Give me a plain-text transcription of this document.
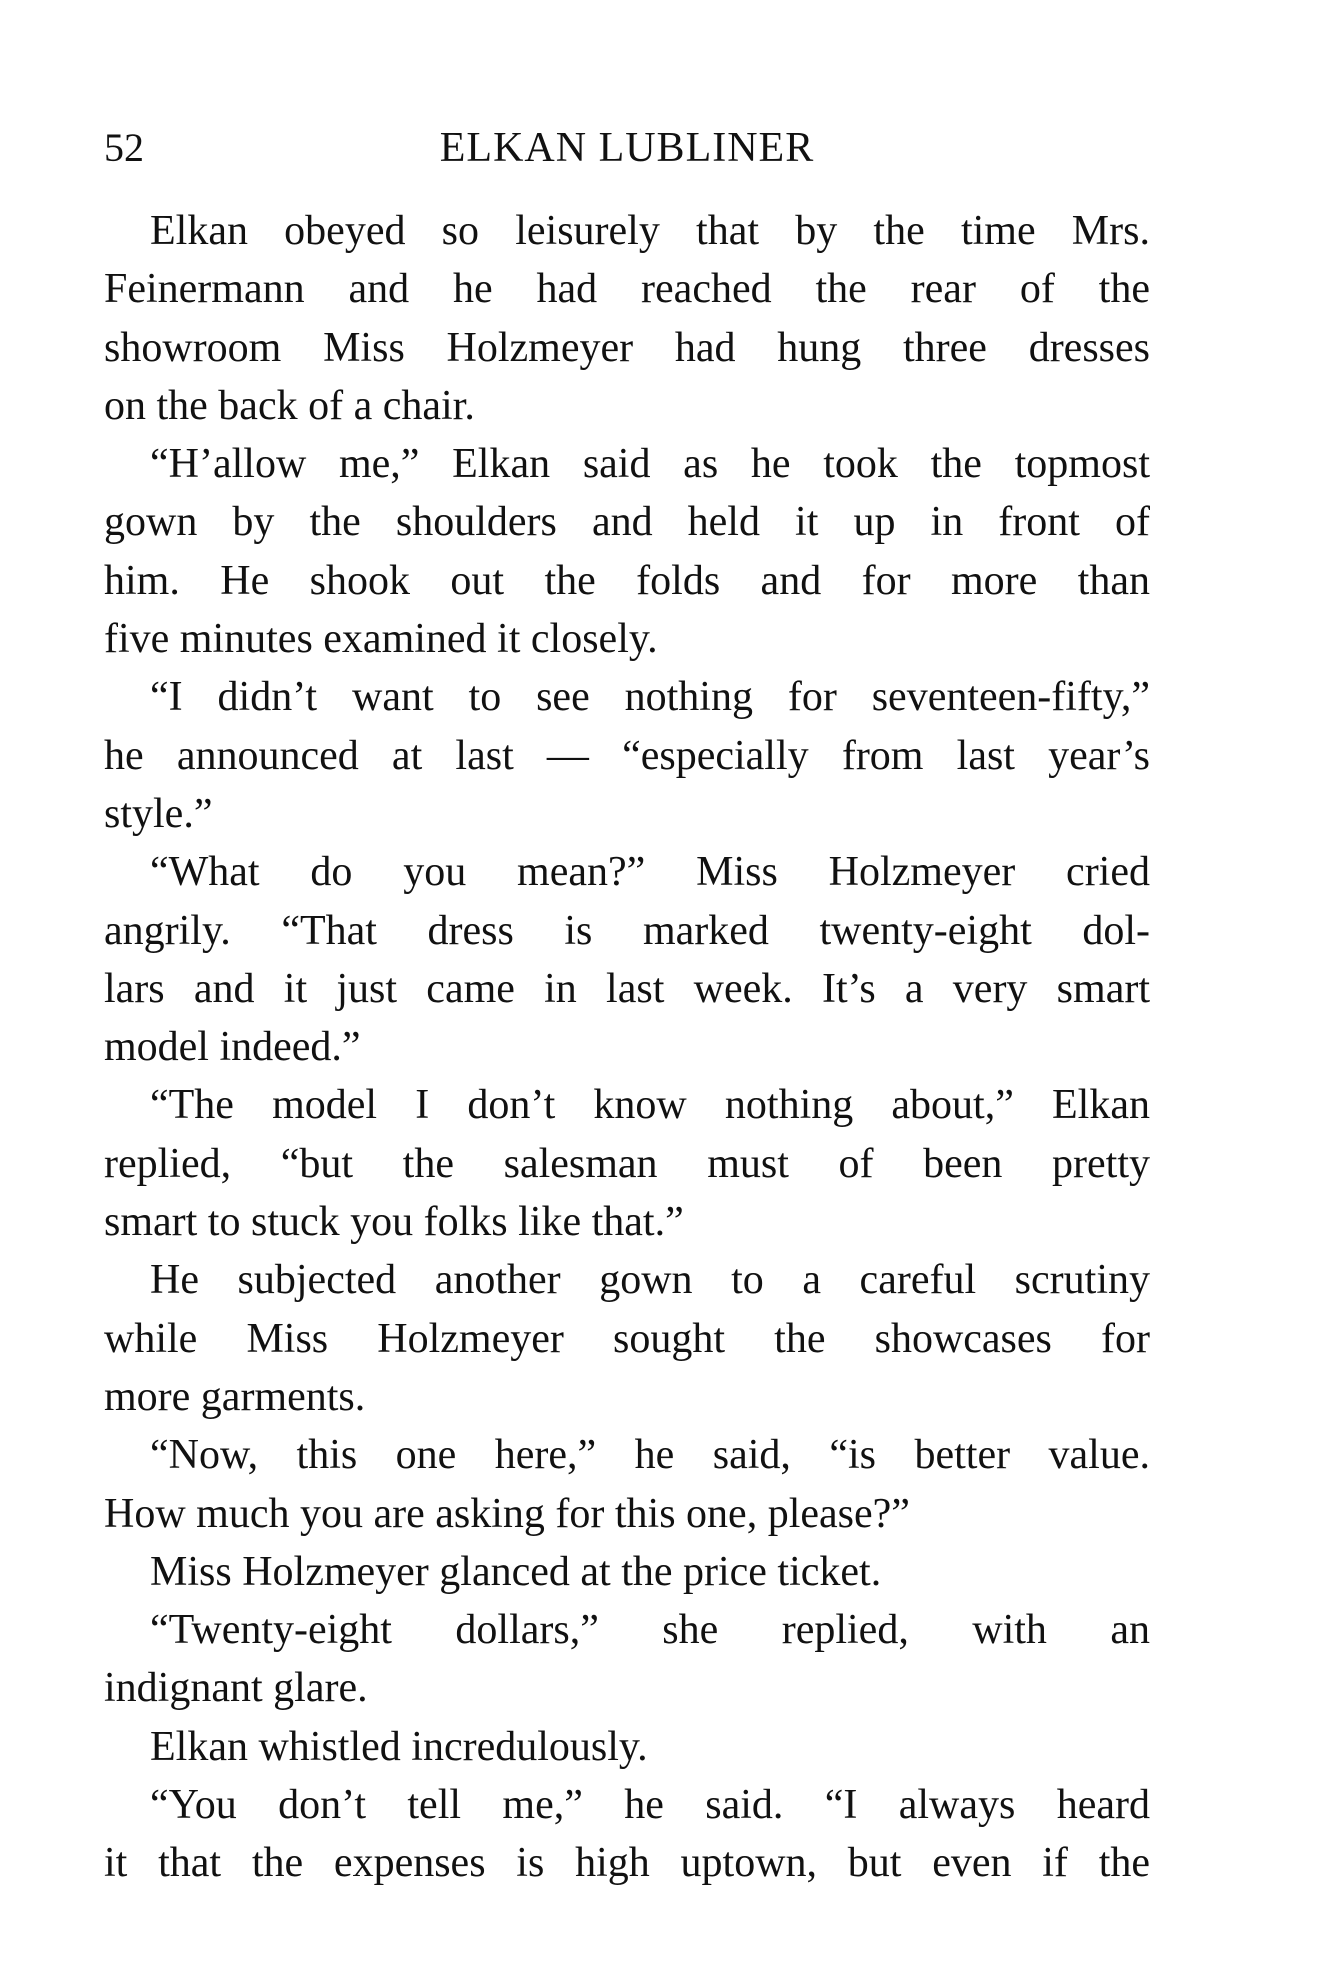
52	ELKAN LUBLINER
Elkan obeyed so leisurely that by the time Mrs.
Feinermann and he had reached the rear of the
showroom Miss Holzmeyer had hung three dresses
on the back of a chair.
“H’allow me,” Elkan said as he took the topmost
gown by the shoulders and held it up in front of
him. He shook out the folds and for more than
five minutes examined it closely.
“I didn’t want to see nothing for seventeen-fifty,”
he announced at last — “especially from last year’s
style.”
“What do you mean?” Miss Holzmeyer cried
angrily. “That dress is marked twenty-eight dol-
lars and it just came in last week. It’s a very smart
model indeed.”
“The model I don’t know nothing about,” Elkan
replied, “but the salesman must of been pretty
smart to stuck you folks like that.”
He subjected another gown to a careful scrutiny
while Miss Holzmeyer sought the showcases for
more garments.
“Now, this one here,” he said, “is better value.
How much you are asking for this one, please?”
Miss Holzmeyer glanced at the price ticket.
“Twenty-eight dollars,” she replied, with an
indignant glare.
Elkan whistled incredulously.
“You don’t tell me,” he said. “I always heard
it that the expenses is high uptown, but even if the
